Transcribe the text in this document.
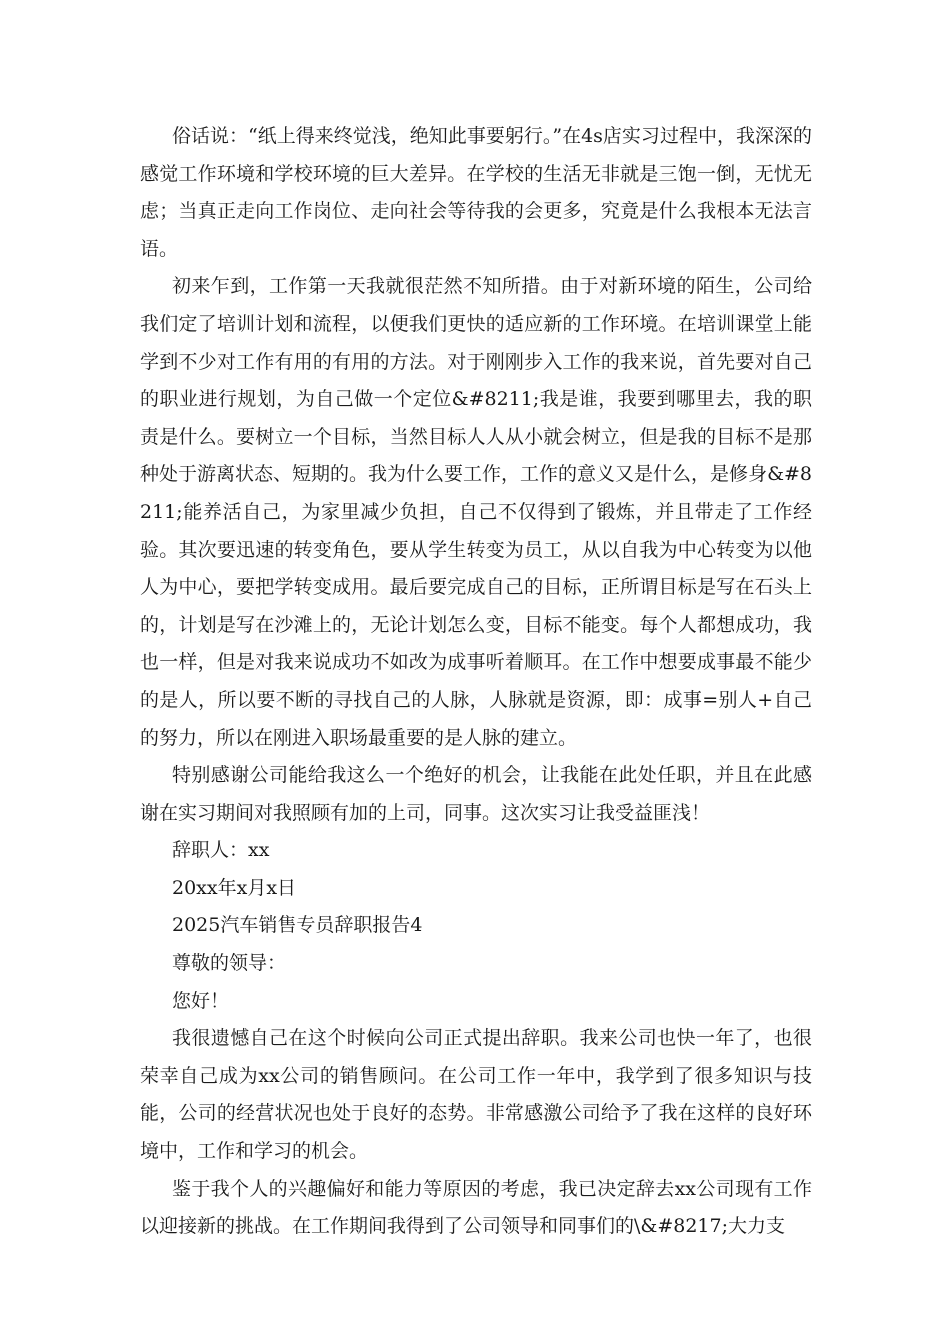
俗话说：“纸上得来终觉浅，绝知此事要躬行。”在4s店实习过程中，我深深的感觉工作环境和学校环境的巨大差异。在学校的生活无非就是三饱一倒，无忧无虑；当真正走向工作岗位、走向社会等待我的会更多，究竟是什么我根本无法言语。

初来乍到，工作第一天我就很茫然不知所措。由于对新环境的陌生，公司给我们定了培训计划和流程，以便我们更快的适应新的工作环境。在培训课堂上能学到不少对工作有用的有用的方法。对于刚刚步入工作的我来说，首先要对自己的职业进行规划，为自己做一个定位&#8211;我是谁，我要到哪里去，我的职责是什么。要树立一个目标，当然目标人人从小就会树立，但是我的目标不是那种处于游离状态、短期的。我为什么要工作，工作的意义又是什么，是修身&#8211;能养活自己，为家里减少负担，自己不仅得到了锻炼，并且带走了工作经验。其次要迅速的转变角色，要从学生转变为员工，从以自我为中心转变为以他人为中心，要把学转变成用。最后要完成自己的目标，正所谓目标是写在石头上的，计划是写在沙滩上的，无论计划怎么变，目标不能变。每个人都想成功，我也一样，但是对我来说成功不如改为成事听着顺耳。在工作中想要成事最不能少的是人，所以要不断的寻找自己的人脉，人脉就是资源，即：成事=别人+自己的努力，所以在刚进入职场最重要的是人脉的建立。

特别感谢公司能给我这么一个绝好的机会，让我能在此处任职，并且在此感谢在实习期间对我照顾有加的上司，同事。这次实习让我受益匪浅！

辞职人：xx

20xx年x月x日

2025汽车销售专员辞职报告4

尊敬的领导：

您好！

我很遗憾自己在这个时候向公司正式提出辞职。我来公司也快一年了，也很荣幸自己成为xx公司的销售顾问。在公司工作一年中，我学到了很多知识与技能，公司的经营状况也处于良好的态势。非常感激公司给予了我在这样的良好环境中，工作和学习的机会。

鉴于我个人的兴趣偏好和能力等原因的考虑，我已决定辞去xx公司现有工作以迎接新的挑战。在工作期间我得到了公司领导和同事们的\&#8217;大力支
